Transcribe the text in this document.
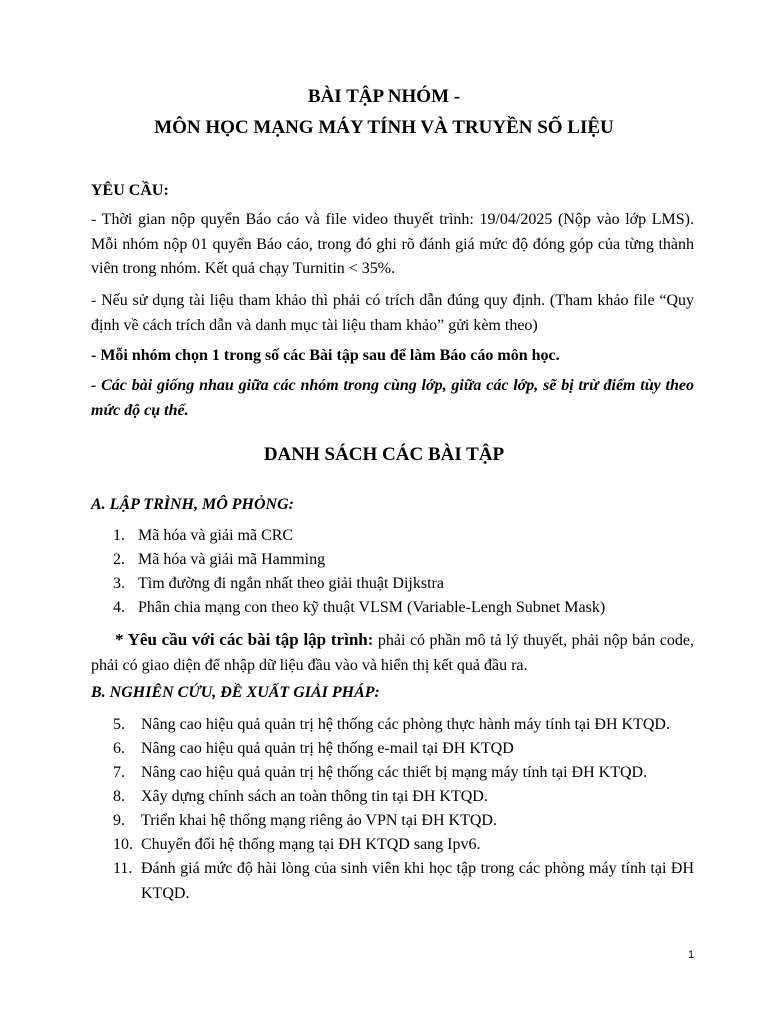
BÀI TẬP NHÓM -
MÔN HỌC MẠNG MÁY TÍNH VÀ TRUYỀN SỐ LIỆU
YÊU CẦU:
- Thời gian nộp quyển Báo cáo và file video thuyết trình: 19/04/2025 (Nộp vào lớp LMS). Mỗi nhóm nộp 01 quyển Báo cáo, trong đó ghi rõ đánh giá mức độ đóng góp của từng thành viên trong nhóm. Kết quả chạy Turnitin < 35%.
- Nếu sử dụng tài liệu tham khảo thì phải có trích dẫn đúng quy định. (Tham khảo file “Quy định về cách trích dẫn và danh mục tài liệu tham khảo” gửi kèm theo)
- Mỗi nhóm chọn 1 trong số các Bài tập sau để làm Báo cáo môn học.
- Các bài giống nhau giữa các nhóm trong cùng lớp, giữa các lớp, sẽ bị trừ điểm tùy theo mức độ cụ thể.
DANH SÁCH CÁC BÀI TẬP
A. LẬP TRÌNH, MÔ PHỎNG:
1. Mã hóa và giải mã CRC
2. Mã hóa và giải mã Hamming
3. Tìm đường đi ngắn nhất theo giải thuật Dijkstra
4. Phân chia mạng con theo kỹ thuật VLSM (Variable-Lengh Subnet Mask)
* Yêu cầu với các bài tập lập trình: phải có phần mô tả lý thuyết, phải nộp bản code, phải có giao diện để nhập dữ liệu đầu vào và hiển thị kết quả đầu ra.
B. NGHIÊN CỨU, ĐỀ XUẤT GIẢI PHÁP:
5.	Nâng cao hiệu quả quản trị hệ thống các phòng thực hành máy tính tại ĐH KTQD.
6.	Nâng cao hiệu quả quản trị hệ thống e-mail tại ĐH KTQD
7.	Nâng cao hiệu quả quản trị hệ thống các thiết bị mạng máy tính tại ĐH KTQD.
8.	Xây dựng chính sách an toàn thông tin tại ĐH KTQD.
9.	Triển khai hệ thống mạng riêng ảo VPN tại ĐH KTQD.
10. Chuyển đổi hệ thống mạng tại ĐH KTQD sang Ipv6.
11. Đánh giá mức độ hài lòng của sinh viên khi học tập trong các phòng máy tính tại ĐH KTQD.
1
